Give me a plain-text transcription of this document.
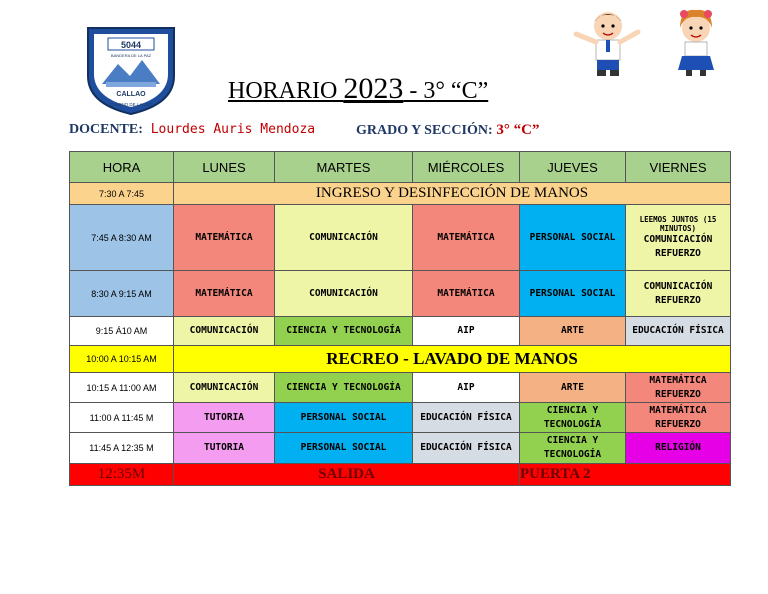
5044
BANDERA DE LA PAZ
CALLAO
CAMINO DE LA LUZ
HORARIO 2023 - 3° “C”
DOCENTE: Lourdes Auris Mendoza	GRADO Y SECCIÓN: 3° “C”
HORA	LUNES	MARTES	MIÉRCOLES	JUEVES	VIERNES
7:30 A 7:45	INGRESO Y DESINFECCIÓN DE MANOS				
7:45 A 8:30 AM	MATEMÁTICA	COMUNICACIÓN	MATEMÁTICA	PERSONAL SOCIAL	LEEMOS JUNTOS (15 MINUTOS)
COMUNICACIÓN REFUERZO
8:30 A 9:15 AM	MATEMÁTICA	COMUNICACIÓN	MATEMÁTICA	PERSONAL SOCIAL	COMUNICACIÓN REFUERZO
9:15 Á10 AM	COMUNICACIÓN	CIENCIA Y TECNOLOGÍA	AIP	ARTE	EDUCACIÓN FÍSICA
10:00 A 10:15 AM	RECREO - LAVADO DE MANOS				
10:15 A 11:00 AM	COMUNICACIÓN	CIENCIA Y TECNOLOGÍA	AIP	ARTE	MATEMÁTICA REFUERZO
11:00 A 11:45 M	TUTORIA	PERSONAL SOCIAL	EDUCACIÓN FÍSICA	CIENCIA Y TECNOLOGÍA	MATEMÁTICA REFUERZO
11:45 A 12:35 M	TUTORIA	PERSONAL SOCIAL	EDUCACIÓN FÍSICA	CIENCIA Y TECNOLOGÍA	RELIGIÓN
12:35M	SALIDA			PUERTA 2	
